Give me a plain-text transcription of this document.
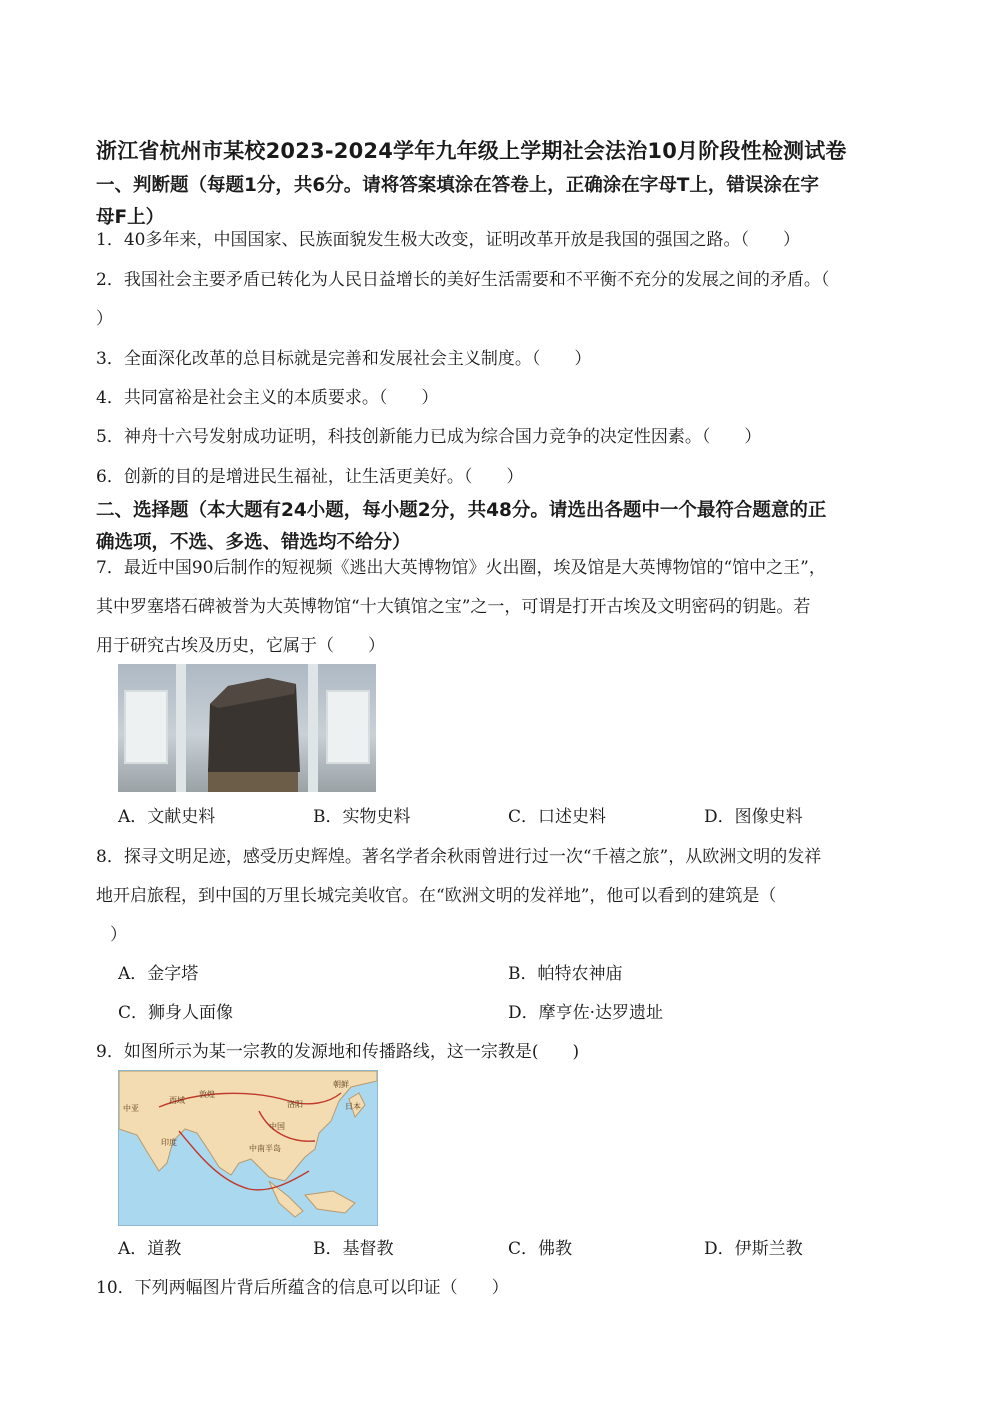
浙江省杭州市某校2023-2024学年九年级上学期社会法治10月阶段性检测试卷
一、判断题（每题1分，共6分。请将答案填涂在答卷上，正确涂在字母T上，错误涂在字
母F上）
1．40多年来，中国国家、民族面貌发生极大改变，证明改革开放是我国的强国之路。（　　）
2．我国社会主要矛盾已转化为人民日益增长的美好生活需要和不平衡不充分的发展之间的矛盾。（
）
3．全面深化改革的总目标就是完善和发展社会主义制度。（　　）
4．共同富裕是社会主义的本质要求。（　　）
5．神舟十六号发射成功证明，科技创新能力已成为综合国力竞争的决定性因素。（　　）
6．创新的目的是增进民生福祉，让生活更美好。（　　）
二、选择题（本大题有24小题，每小题2分，共48分。请选出各题中一个最符合题意的正
确选项，不选、多选、错选均不给分）
7．最近中国90后制作的短视频《逃出大英博物馆》火出圈，埃及馆是大英博物馆的“馆中之王”，
其中罗塞塔石碑被誉为大英博物馆“十大镇馆之宝”之一，可谓是打开古埃及文明密码的钥匙。若
用于研究古埃及历史，它属于（　　）
A．文献史料	B．实物史料	C．口述史料	D．图像史料
8．探寻文明足迹，感受历史辉煌。著名学者余秋雨曾进行过一次“千禧之旅”，从欧洲文明的发祥
地开启旅程，到中国的万里长城完美收官。在“欧洲文明的发祥地”，他可以看到的建筑是（
）
A．金字塔	B．帕特农神庙
C．狮身人面像	D．摩亨佐·达罗遗址
9．如图所示为某一宗教的发源地和传播路线，这一宗教是(　　)
中亚
西域
敦煌
朝鲜
日本
中国
洛阳
印度
中南半岛
A．道教	B．基督教	C．佛教	D．伊斯兰教
10．下列两幅图片背后所蕴含的信息可以印证（　　）
